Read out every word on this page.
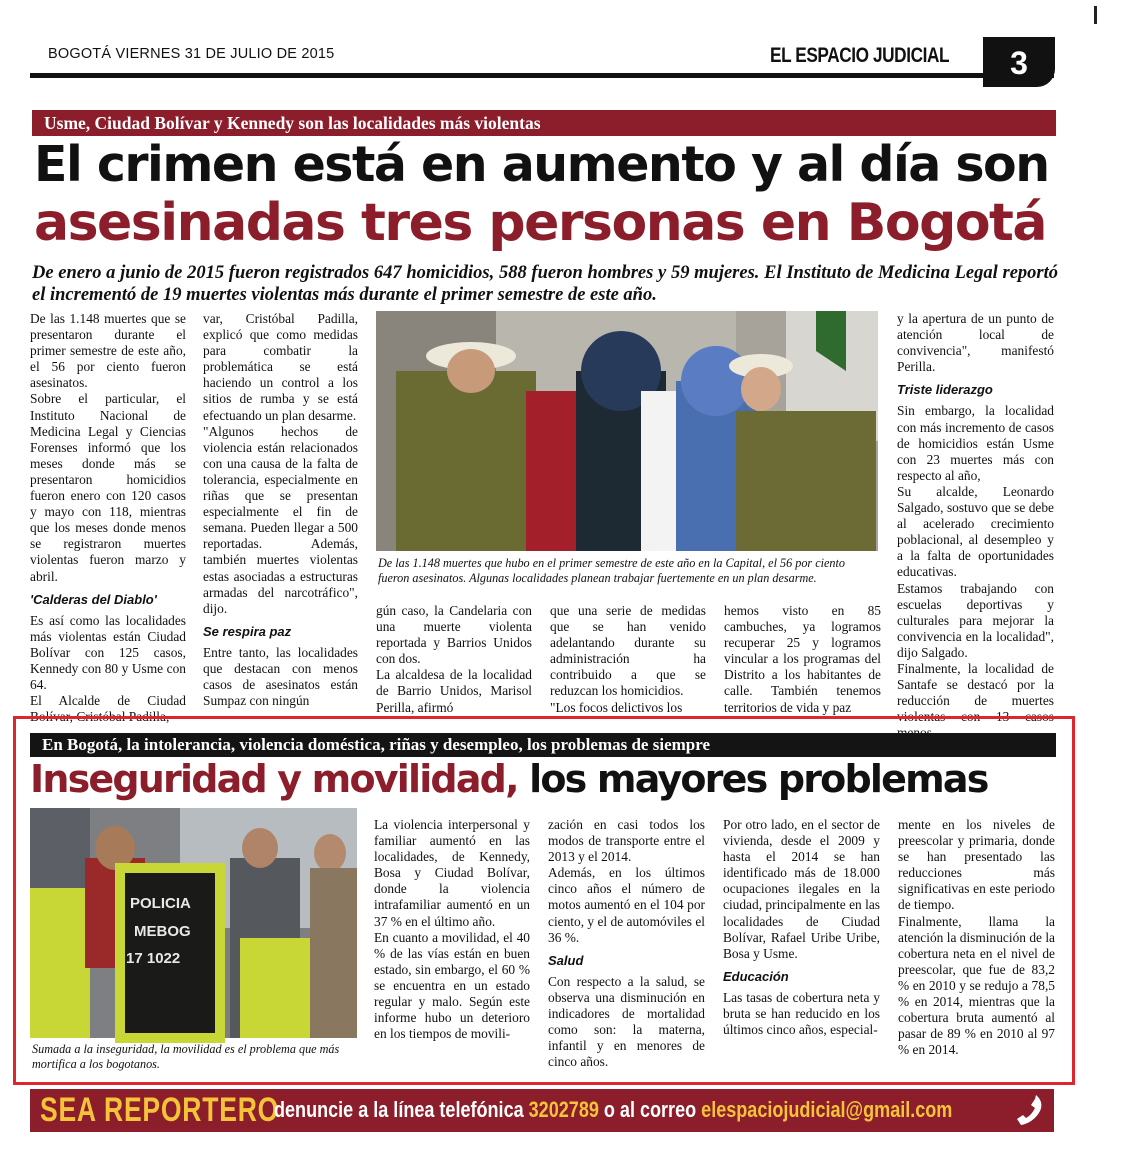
BOGOTÁ VIERNES 31 DE JULIO DE 2015	EL ESPACIO JUDICIAL	3
Usme, Ciudad Bolívar y Kennedy son las localidades más violentas
El crimen está en aumento y al día son
asesinadas tres personas en Bogotá
De enero a junio de 2015 fueron registrados 647 homicidios, 588 fueron hombres y 59 mujeres. El Instituto de Medicina Legal reportó el incrementó de 19 muertes violentas más durante el primer semestre de este año.

De las 1.148 muertes que se presentaron durante el primer semestre de este año, el 56 por ciento fueron asesinatos.

Sobre el particular, el Instituto Nacional de Medicina Legal y Ciencias Forenses informó que los meses donde más se presentaron homicidios fueron enero con 120 casos y mayo con 118, mientras que los meses donde menos se registraron muertes violentas fueron marzo y abril.

'Calderas del Diablo'

Es así como las localidades más violentas están Ciudad Bolívar con 125 casos, Kennedy con 80 y Usme con 64.

El Alcalde de Ciudad Bolívar, Cristóbal Padilla,

var, Cristóbal Padilla, explicó que como medidas para combatir la problemática se está haciendo un control a los sitios de rumba y se está efectuando un plan desarme.

"Algunos hechos de violencia están relacionados con una causa de la falta de tolerancia, especialmente en riñas que se presentan especialmente el fin de semana. Pueden llegar a 500 reportadas. Además, también muertes violentas estas asociadas a estructuras armadas del narcotráfico", dijo.

Se respira paz

Entre tanto, las localidades que destacan con menos casos de asesinatos están Sumpaz con ningún

De las 1.148 muertes que hubo en el primer semestre de este año en la Capital, el 56 por ciento fueron asesinatos. Algunas localidades planean trabajar fuertemente en un plan desarme.

gún caso, la Candelaria con una muerte violenta reportada y Barrios Unidos con dos.

La alcaldesa de la localidad de Barrio Unidos, Marisol Perilla, afirmó

que una serie de medidas que se han venido adelantando durante su administración ha contribuido a que se reduzcan los homicidios.

"Los focos delictivos los

hemos visto en 85 cambuches, ya logramos recuperar 25 y logramos vincular a los programas del Distrito a los habitantes de calle. También tenemos territorios de vida y paz

y la apertura de un punto de atención local de convivencia", manifestó Perilla.

Triste liderazgo

Sin embargo, la localidad con más incremento de casos de homicidios están Usme con 23 muertes más con respecto al año,

Su alcalde, Leonardo Salgado, sostuvo que se debe al acelerado crecimiento poblacional, al desempleo y a la falta de oportunidades educativas.

Estamos trabajando con escuelas deportivas y culturales para mejorar la convivencia en la localidad", dijo Salgado.

Finalmente, la localidad de Santafe se destacó por la reducción de muertes violentas con 13 casos

En Bogotá, la intolerancia, violencia doméstica, riñas y desempleo, los problemas de siempre
Inseguridad y movilidad, los mayores problemas
POLICIA
MEBOG
17 1022
Sumada a la inseguridad, la movilidad es el problema que más mortifica a los bogotanos.

La violencia interpersonal y familiar aumentó en las localidades, de Kennedy, Bosa y Ciudad Bolívar, donde la violencia intrafamiliar aumentó en un 37 % en el último año.

En cuanto a movilidad, el 40 % de las vías están en buen estado, sin embargo, el 60 % se encuentra en un estado regular y malo. Según este informe hubo un deterioro en los tiempos de movili-

zación en casi todos los modos de transporte entre el 2013 y el 2014.

Además, en los últimos cinco años el número de motos aumentó en el 104 por ciento, y el de automóviles el 36 %.

Salud

Con respecto a la salud, se observa una disminución en indicadores de mortalidad como son: la materna, infantil y en menores de cinco años.

Por otro lado, en el sector de vivienda, desde el 2009 y hasta el 2014 se han identificado más de 18.000 ocupaciones ilegales en la ciudad, principalmente en las localidades de Ciudad Bolívar, Rafael Uribe Uribe, Bosa y Usme.

Educación

Las tasas de cobertura neta y bruta se han reducido en los últimos cinco años, especial-

mente en los niveles de preescolar y primaria, donde se han presentado las reducciones más significativas en este periodo de tiempo.

Finalmente, llama la atención la disminución de la cobertura neta en el nivel de preescolar, que fue de 83,2 % en 2010 y se redujo a 78,5 % en 2014, mientras que la cobertura bruta aumentó al pasar de 89 % en 2010 al 97 % en 2014.

SEA REPORTERO
denuncie a la línea telefónica 3202789 o al correo elespaciojudicial@gmail.com
